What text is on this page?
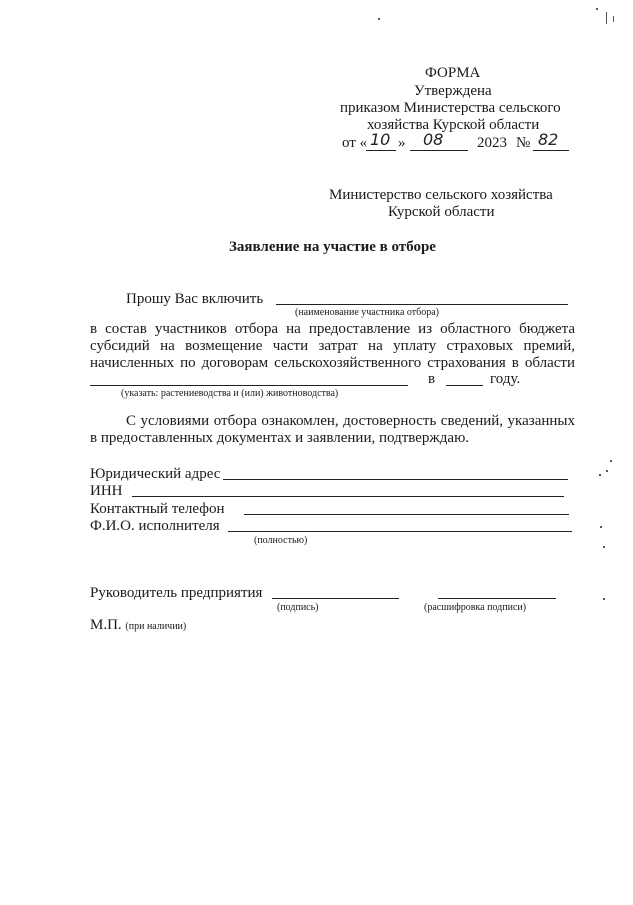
ФОРМА
Утверждена
приказом Министерства сельского
хозяйства Курской области
от « 10 » 08 2023 № 82
Министерство сельского хозяйства
Курской области
Заявление на участие в отборе
Прошу Вас включить
(наименование участника отбора)
в состав участников отбора на предоставление из областного бюджета
субсидий на возмещение части затрат на уплату страховых премий,
начисленных по договорам сельскохозяйственного страхования в области
в	году.
(указать: растениеводства и (или) животноводства)
С условиями отбора ознакомлен, достоверность сведений, указанных
в предоставленных документах и заявлении, подтверждаю.
Юридический адрес
ИНН
Контактный телефон
Ф.И.О. исполнителя
(полностью)
Руководитель предприятия
(подпись)	(расшифровка подписи)
М.П. (при наличии)
